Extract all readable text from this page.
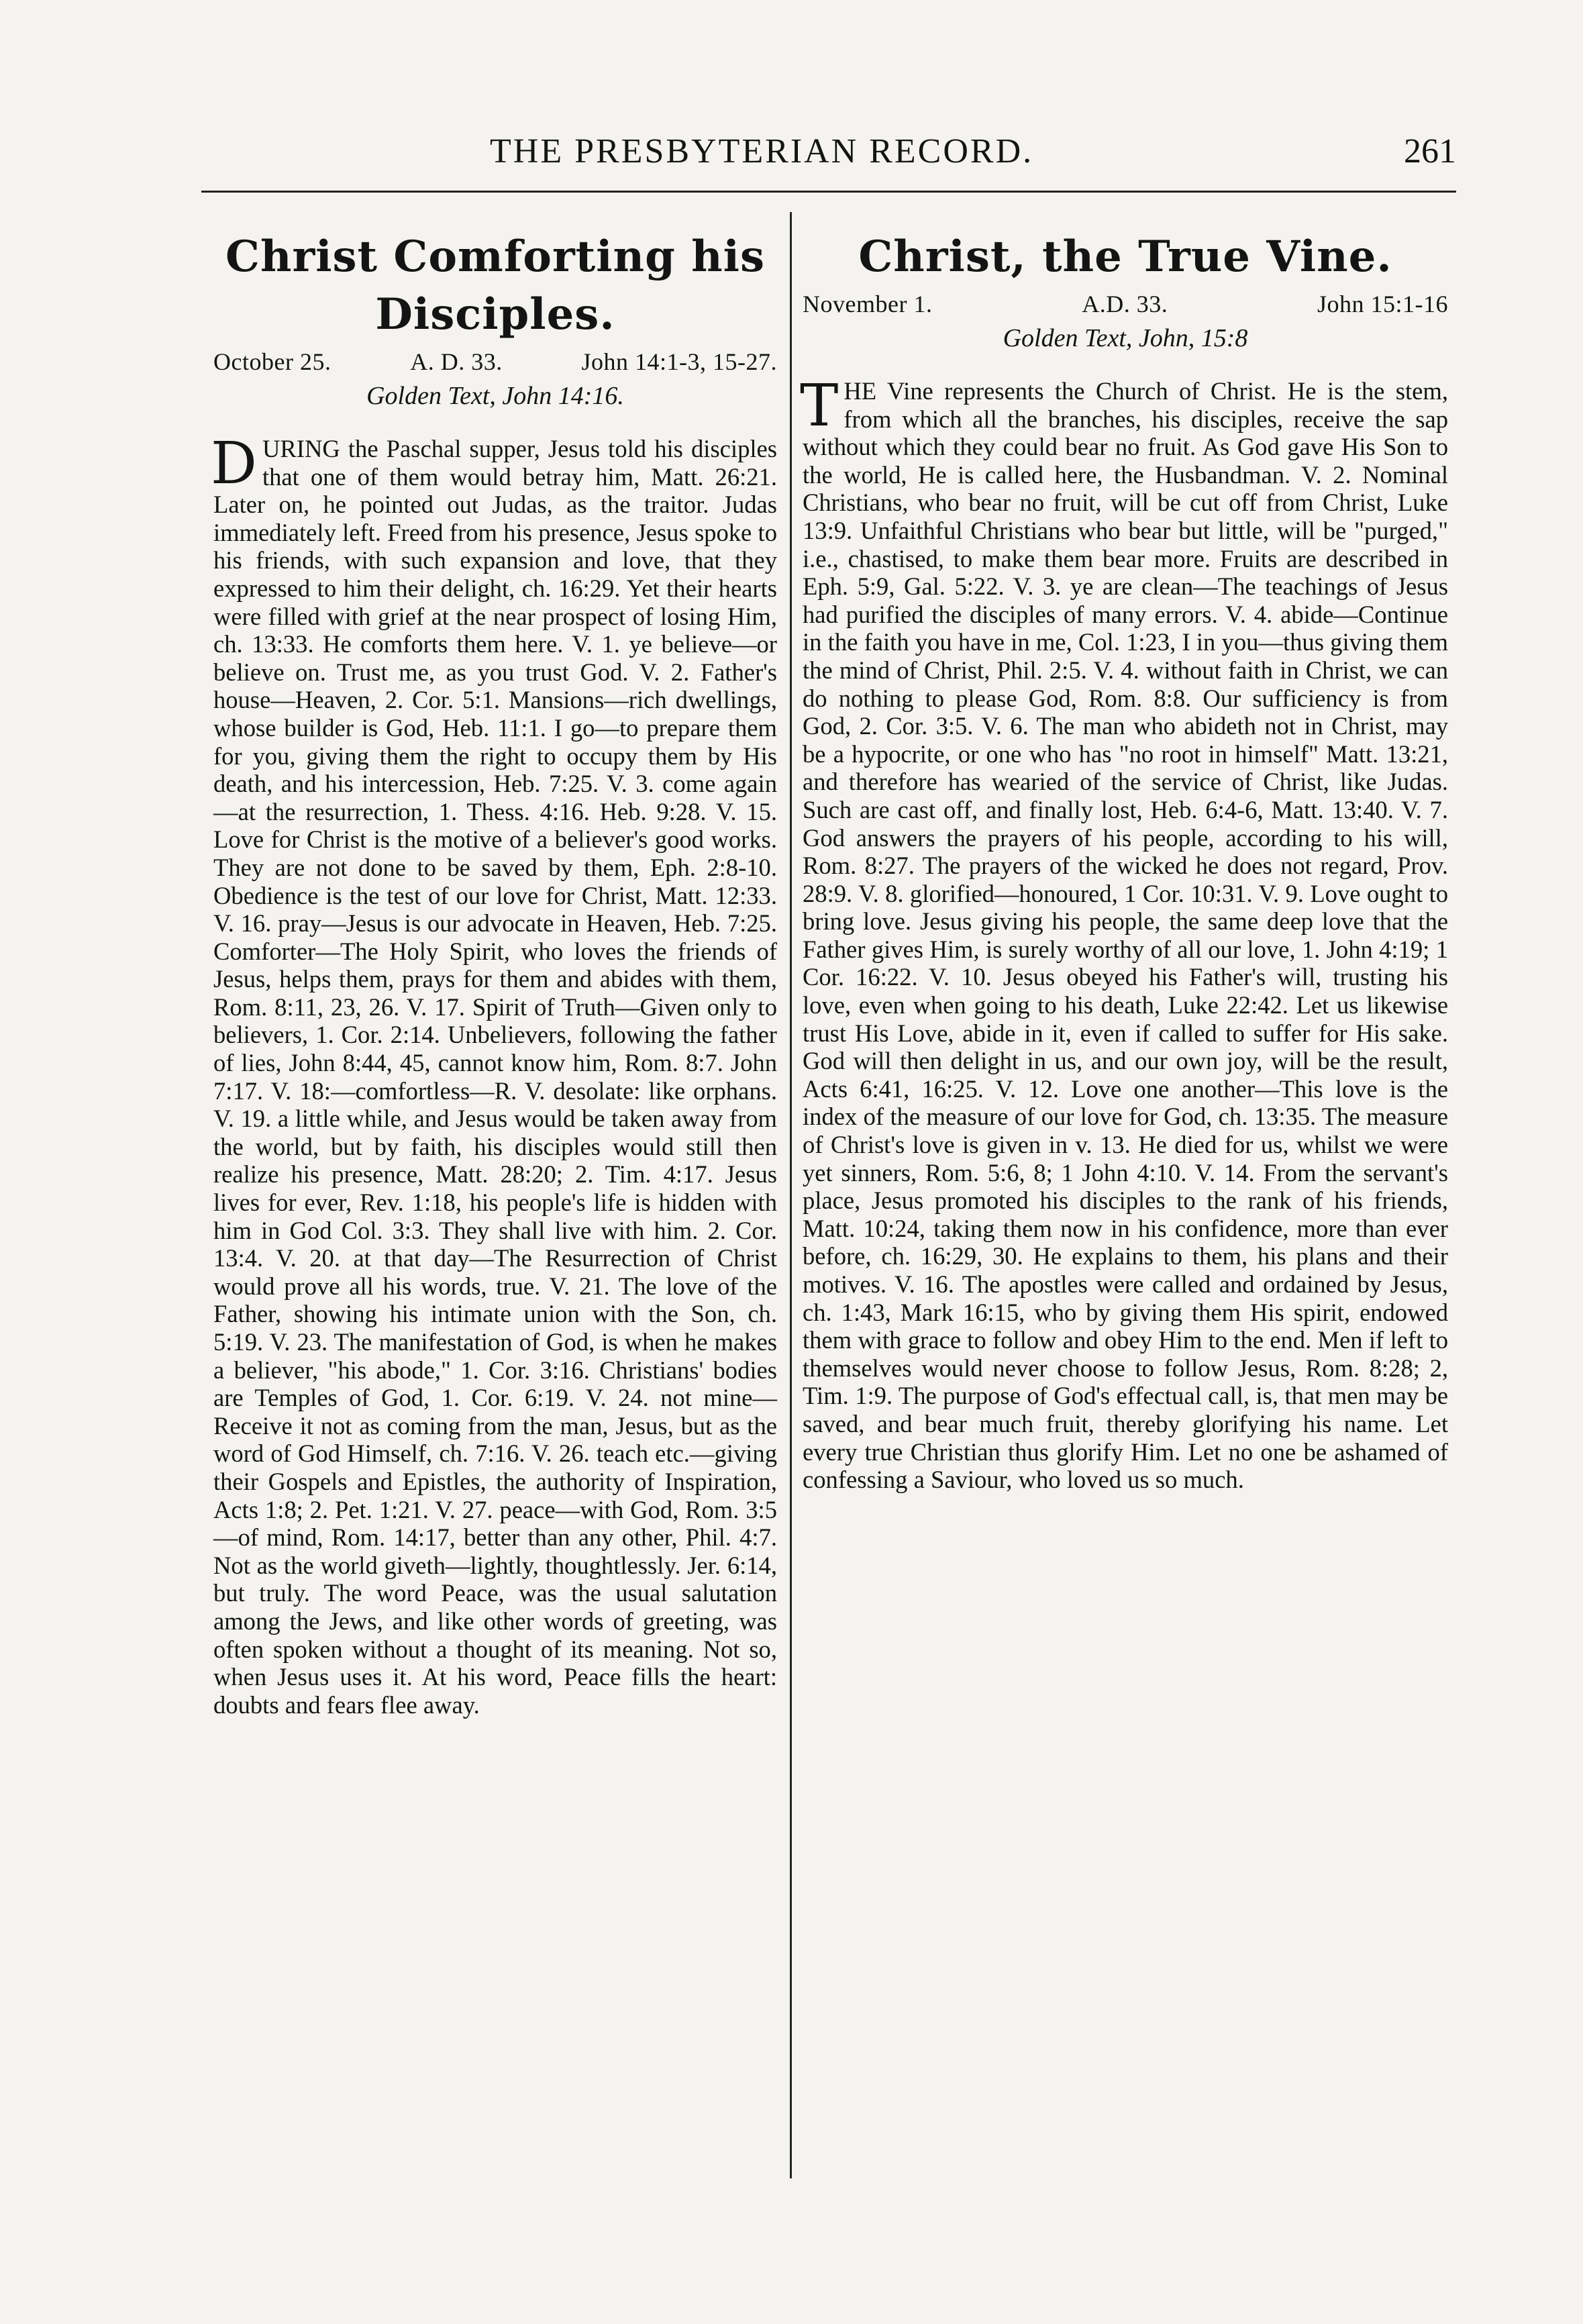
THE PRESBYTERIAN RECORD.	261
Christ Comforting his Disciples.
October 25.	A. D. 33.	John 14:1-3, 15-27.
Golden Text, John 14:16.

DURING the Paschal supper, Jesus told his disciples that one of them would betray him, Matt. 26:21. Later on, he pointed out Judas, as the traitor. Judas immediately left. Freed from his presence, Jesus spoke to his friends, with such expansion and love, that they expressed to him their delight, ch. 16:29. Yet their hearts were filled with grief at the near prospect of losing Him, ch. 13:33. He comforts them here. V. 1. ye believe—or believe on. Trust me, as you trust God. V. 2. Father's house—Heaven, 2. Cor. 5:1. Mansions—rich dwellings, whose builder is God, Heb. 11:1. I go—to prepare them for you, giving them the right to occupy them by His death, and his intercession, Heb. 7:25. V. 3. come again—at the resurrection, 1. Thess. 4:16. Heb. 9:28. V. 15. Love for Christ is the motive of a believer's good works. They are not done to be saved by them, Eph. 2:8-10. Obedience is the test of our love for Christ, Matt. 12:33. V. 16. pray—Jesus is our advocate in Heaven, Heb. 7:25. Comforter—The Holy Spirit, who loves the friends of Jesus, helps them, prays for them and abides with them, Rom. 8:11, 23, 26. V. 17. Spirit of Truth—Given only to believers, 1. Cor. 2:14. Unbelievers, following the father of lies, John 8:44, 45, cannot know him, Rom. 8:7. John 7:17. V. 18:—comfortless—R. V. desolate: like orphans. V. 19. a little while, and Jesus would be taken away from the world, but by faith, his disciples would still then realize his presence, Matt. 28:20; 2. Tim. 4:17. Jesus lives for ever, Rev. 1:18, his people's life is hidden with him in God Col. 3:3. They shall live with him. 2. Cor. 13:4. V. 20. at that day—The Resurrection of Christ would prove all his words, true. V. 21. The love of the Father, showing his intimate union with the Son, ch. 5:19. V. 23. The manifestation of God, is when he makes a believer, "his abode," 1. Cor. 3:16. Christians' bodies are Temples of God, 1. Cor. 6:19. V. 24. not mine—Receive it not as coming from the man, Jesus, but as the word of God Himself, ch. 7:16. V. 26. teach etc.—giving their Gospels and Epistles, the authority of Inspiration, Acts 1:8; 2. Pet. 1:21. V. 27. peace—with God, Rom. 3:5—of mind, Rom. 14:17, better than any other, Phil. 4:7. Not as the world giveth—lightly, thoughtlessly. Jer. 6:14, but truly. The word Peace, was the usual salutation among the Jews, and like other words of greeting, was often spoken without a thought of its meaning. Not so, when Jesus uses it. At his word, Peace fills the heart: doubts and fears flee away.

Christ, the True Vine.
November 1.	A.D. 33.	John 15:1-16
Golden Text, John, 15:8

THE Vine represents the Church of Christ. He is the stem, from which all the branches, his disciples, receive the sap without which they could bear no fruit. As God gave His Son to the world, He is called here, the Husbandman. V. 2. Nominal Christians, who bear no fruit, will be cut off from Christ, Luke 13:9. Unfaithful Christians who bear but little, will be "purged," i.e., chastised, to make them bear more. Fruits are described in Eph. 5:9, Gal. 5:22. V. 3. ye are clean—The teachings of Jesus had purified the disciples of many errors. V. 4. abide—Continue in the faith you have in me, Col. 1:23, I in you—thus giving them the mind of Christ, Phil. 2:5. V. 4. without faith in Christ, we can do nothing to please God, Rom. 8:8. Our sufficiency is from God, 2. Cor. 3:5. V. 6. The man who abideth not in Christ, may be a hypocrite, or one who has "no root in himself" Matt. 13:21, and therefore has wearied of the service of Christ, like Judas. Such are cast off, and finally lost, Heb. 6:4-6, Matt. 13:40. V. 7. God answers the prayers of his people, according to his will, Rom. 8:27. The prayers of the wicked he does not regard, Prov. 28:9. V. 8. glorified—honoured, 1 Cor. 10:31. V. 9. Love ought to bring love. Jesus giving his people, the same deep love that the Father gives Him, is surely worthy of all our love, 1. John 4:19; 1 Cor. 16:22. V. 10. Jesus obeyed his Father's will, trusting his love, even when going to his death, Luke 22:42. Let us likewise trust His Love, abide in it, even if called to suffer for His sake. God will then delight in us, and our own joy, will be the result, Acts 6:41, 16:25. V. 12. Love one another—This love is the index of the measure of our love for God, ch. 13:35. The measure of Christ's love is given in v. 13. He died for us, whilst we were yet sinners, Rom. 5:6, 8; 1 John 4:10. V. 14. From the servant's place, Jesus promoted his disciples to the rank of his friends, Matt. 10:24, taking them now in his confidence, more than ever before, ch. 16:29, 30. He explains to them, his plans and their motives. V. 16. The apostles were called and ordained by Jesus, ch. 1:43, Mark 16:15, who by giving them His spirit, endowed them with grace to follow and obey Him to the end. Men if left to themselves would never choose to follow Jesus, Rom. 8:28; 2, Tim. 1:9. The purpose of God's effectual call, is, that men may be saved, and bear much fruit, thereby glorifying his name. Let every true Christian thus glorify Him. Let no one be ashamed of confessing a Saviour, who loved us so much.
